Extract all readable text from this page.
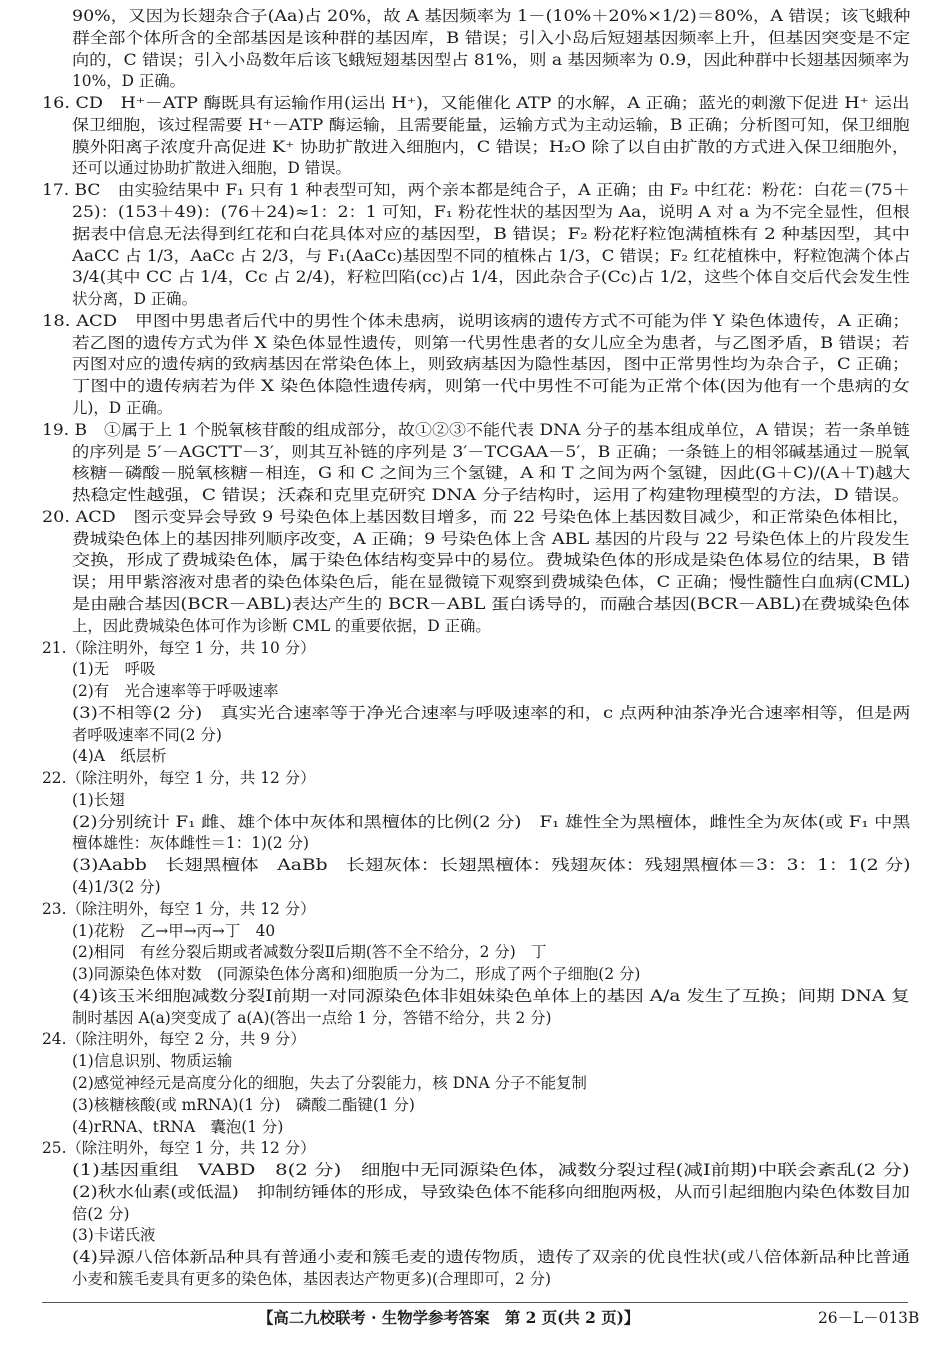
90%，又因为长翅杂合子(Aa)占 20%，故 A 基因频率为 1－(10%＋20%×1/2)＝80%，A 错误；该飞蛾种
群全部个体所含的全部基因是该种群的基因库，B 错误；引入小岛后短翅基因频率上升，但基因突变是不定
向的，C 错误；引入小岛数年后该飞蛾短翅基因型占 81%，则 a 基因频率为 0.9，因此种群中长翅基因频率为
10%，D 正确。
16. CD　H⁺－ATP 酶既具有运输作用(运出 H⁺)，又能催化 ATP 的水解，A 正确；蓝光的刺激下促进 H⁺ 运出
保卫细胞，该过程需要 H⁺－ATP 酶运输，且需要能量，运输方式为主动运输，B 正确；分析图可知，保卫细胞
膜外阳离子浓度升高促进 K⁺ 协助扩散进入细胞内，C 错误；H₂O 除了以自由扩散的方式进入保卫细胞外，
还可以通过协助扩散进入细胞，D 错误。
17. BC　由实验结果中 F₁ 只有 1 种表型可知，两个亲本都是纯合子，A 正确；由 F₂ 中红花：粉花：白花＝(75＋
25)：(153＋49)：(76＋24)≈1：2：1 可知，F₁ 粉花性状的基因型为 Aa，说明 A 对 a 为不完全显性，但根
据表中信息无法得到红花和白花具体对应的基因型，B 错误；F₂ 粉花籽粒饱满植株有 2 种基因型，其中
AaCC 占 1/3，AaCc 占 2/3，与 F₁(AaCc)基因型不同的植株占 1/3，C 错误；F₂ 红花植株中，籽粒饱满个体占
3/4(其中 CC 占 1/4，Cc 占 2/4)，籽粒凹陷(cc)占 1/4，因此杂合子(Cc)占 1/2，这些个体自交后代会发生性
状分离，D 正确。
18. ACD　甲图中男患者后代中的男性个体未患病，说明该病的遗传方式不可能为伴 Y 染色体遗传，A 正确；
若乙图的遗传方式为伴 X 染色体显性遗传，则第一代男性患者的女儿应全为患者，与乙图矛盾，B 错误；若
丙图对应的遗传病的致病基因在常染色体上，则致病基因为隐性基因，图中正常男性均为杂合子，C 正确；
丁图中的遗传病若为伴 X 染色体隐性遗传病，则第一代中男性不可能为正常个体(因为他有一个患病的女
儿)，D 正确。
19. B　①属于上 1 个脱氧核苷酸的组成部分，故①②③不能代表 DNA 分子的基本组成单位，A 错误；若一条单链
的序列是 5′－AGCTT－3′，则其互补链的序列是 3′－TCGAA－5′，B 正确；一条链上的相邻碱基通过－脱氧
核糖－磷酸－脱氧核糖－相连，G 和 C 之间为三个氢键，A 和 T 之间为两个氢键，因此(G＋C)/(A＋T)越大
热稳定性越强，C 错误；沃森和克里克研究 DNA 分子结构时，运用了构建物理模型的方法，D 错误。
20. ACD　图示变异会导致 9 号染色体上基因数目增多，而 22 号染色体上基因数目减少，和正常染色体相比，
费城染色体上的基因排列顺序改变，A 正确；9 号染色体上含 ABL 基因的片段与 22 号染色体上的片段发生
交换，形成了费城染色体，属于染色体结构变异中的易位。费城染色体的形成是染色体易位的结果，B 错
误；用甲紫溶液对患者的染色体染色后，能在显微镜下观察到费城染色体，C 正确；慢性髓性白血病(CML)
是由融合基因(BCR－ABL)表达产生的 BCR－ABL 蛋白诱导的，而融合基因(BCR－ABL)在费城染色体
上，因此费城染色体可作为诊断 CML 的重要依据，D 正确。
21.（除注明外，每空 1 分，共 10 分）
(1)无　呼吸
(2)有　光合速率等于呼吸速率
(3)不相等(2 分)　真实光合速率等于净光合速率与呼吸速率的和，c 点两种油茶净光合速率相等，但是两
者呼吸速率不同(2 分)
(4)A　纸层析
22.（除注明外，每空 1 分，共 12 分）
(1)长翅
(2)分别统计 F₁ 雌、雄个体中灰体和黑檀体的比例(2 分)　F₁ 雄性全为黑檀体，雌性全为灰体(或 F₁ 中黑
檀体雄性：灰体雌性＝1：1)(2 分)
(3)Aabb　长翅黑檀体　AaBb　长翅灰体：长翅黑檀体：残翅灰体：残翅黑檀体＝3：3：1：1(2 分)
(4)1/3(2 分)
23.（除注明外，每空 1 分，共 12 分）
(1)花粉　乙→甲→丙→丁　40
(2)相同　有丝分裂后期或者减数分裂Ⅱ后期(答不全不给分，2 分)　丁
(3)同源染色体对数　(同源染色体分离和)细胞质一分为二，形成了两个子细胞(2 分)
(4)该玉米细胞减数分裂Ⅰ前期一对同源染色体非姐妹染色单体上的基因 A/a 发生了互换；间期 DNA 复
制时基因 A(a)突变成了 a(A)(答出一点给 1 分，答错不给分，共 2 分)
24.（除注明外，每空 2 分，共 9 分）
(1)信息识别、物质运输
(2)感觉神经元是高度分化的细胞，失去了分裂能力，核 DNA 分子不能复制
(3)核糖核酸(或 mRNA)(1 分)　磷酸二酯键(1 分)
(4)rRNA、tRNA　囊泡(1 分)
25.（除注明外，每空 1 分，共 12 分）
(1)基因重组　VABD　8(2 分)　细胞中无同源染色体，减数分裂过程(减Ⅰ前期)中联会紊乱(2 分)
(2)秋水仙素(或低温)　抑制纺锤体的形成，导致染色体不能移向细胞两极，从而引起细胞内染色体数目加
倍(2 分)
(3)卡诺氏液
(4)异源八倍体新品种具有普通小麦和簇毛麦的遗传物质，遗传了双亲的优良性状(或八倍体新品种比普通
小麦和簇毛麦具有更多的染色体，基因表达产物更多)(合理即可，2 分)
【高二九校联考 · 生物学参考答案　第 2 页(共 2 页)】	26－L－013B
